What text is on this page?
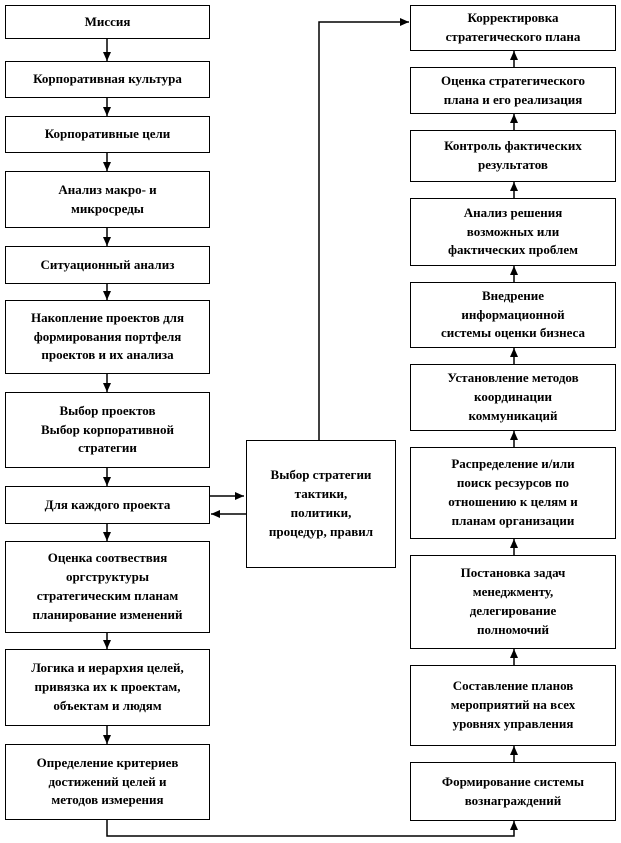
Миссия
Корпоративная культура
Корпоративные цели
Анализ макро- и
микросреды
Ситуационный анализ
Накопление проектов для
формирования портфеля
проектов и их анализа
Выбор проектов
Выбор корпоративной
стратегии
Для каждого проекта
Оценка соотвествия
оргструктуры
стратегическим планам
планирование изменений
Логика и иерархия целей,
привязка их к проектам,
объектам и людям
Определение критериев
достижений целей и
методов измерения
Выбор стратегии
тактики,
политики,
процедур, правил
Корректировка
стратегического плана
Оценка стратегического
плана и его реализация
Контроль фактических
результатов
Анализ решения
возможных или
фактических проблем
Внедрение
информационной
системы оценки бизнеса
Установление методов
координации
коммуникаций
Распределение и/или
поиск ресзурсов по
отношению к целям и
планам организации
Постановка задач
менеджменту,
делегирование
полномочий
Составление планов
мероприятий на всех
уровнях управления
Формирование системы
вознаграждений
